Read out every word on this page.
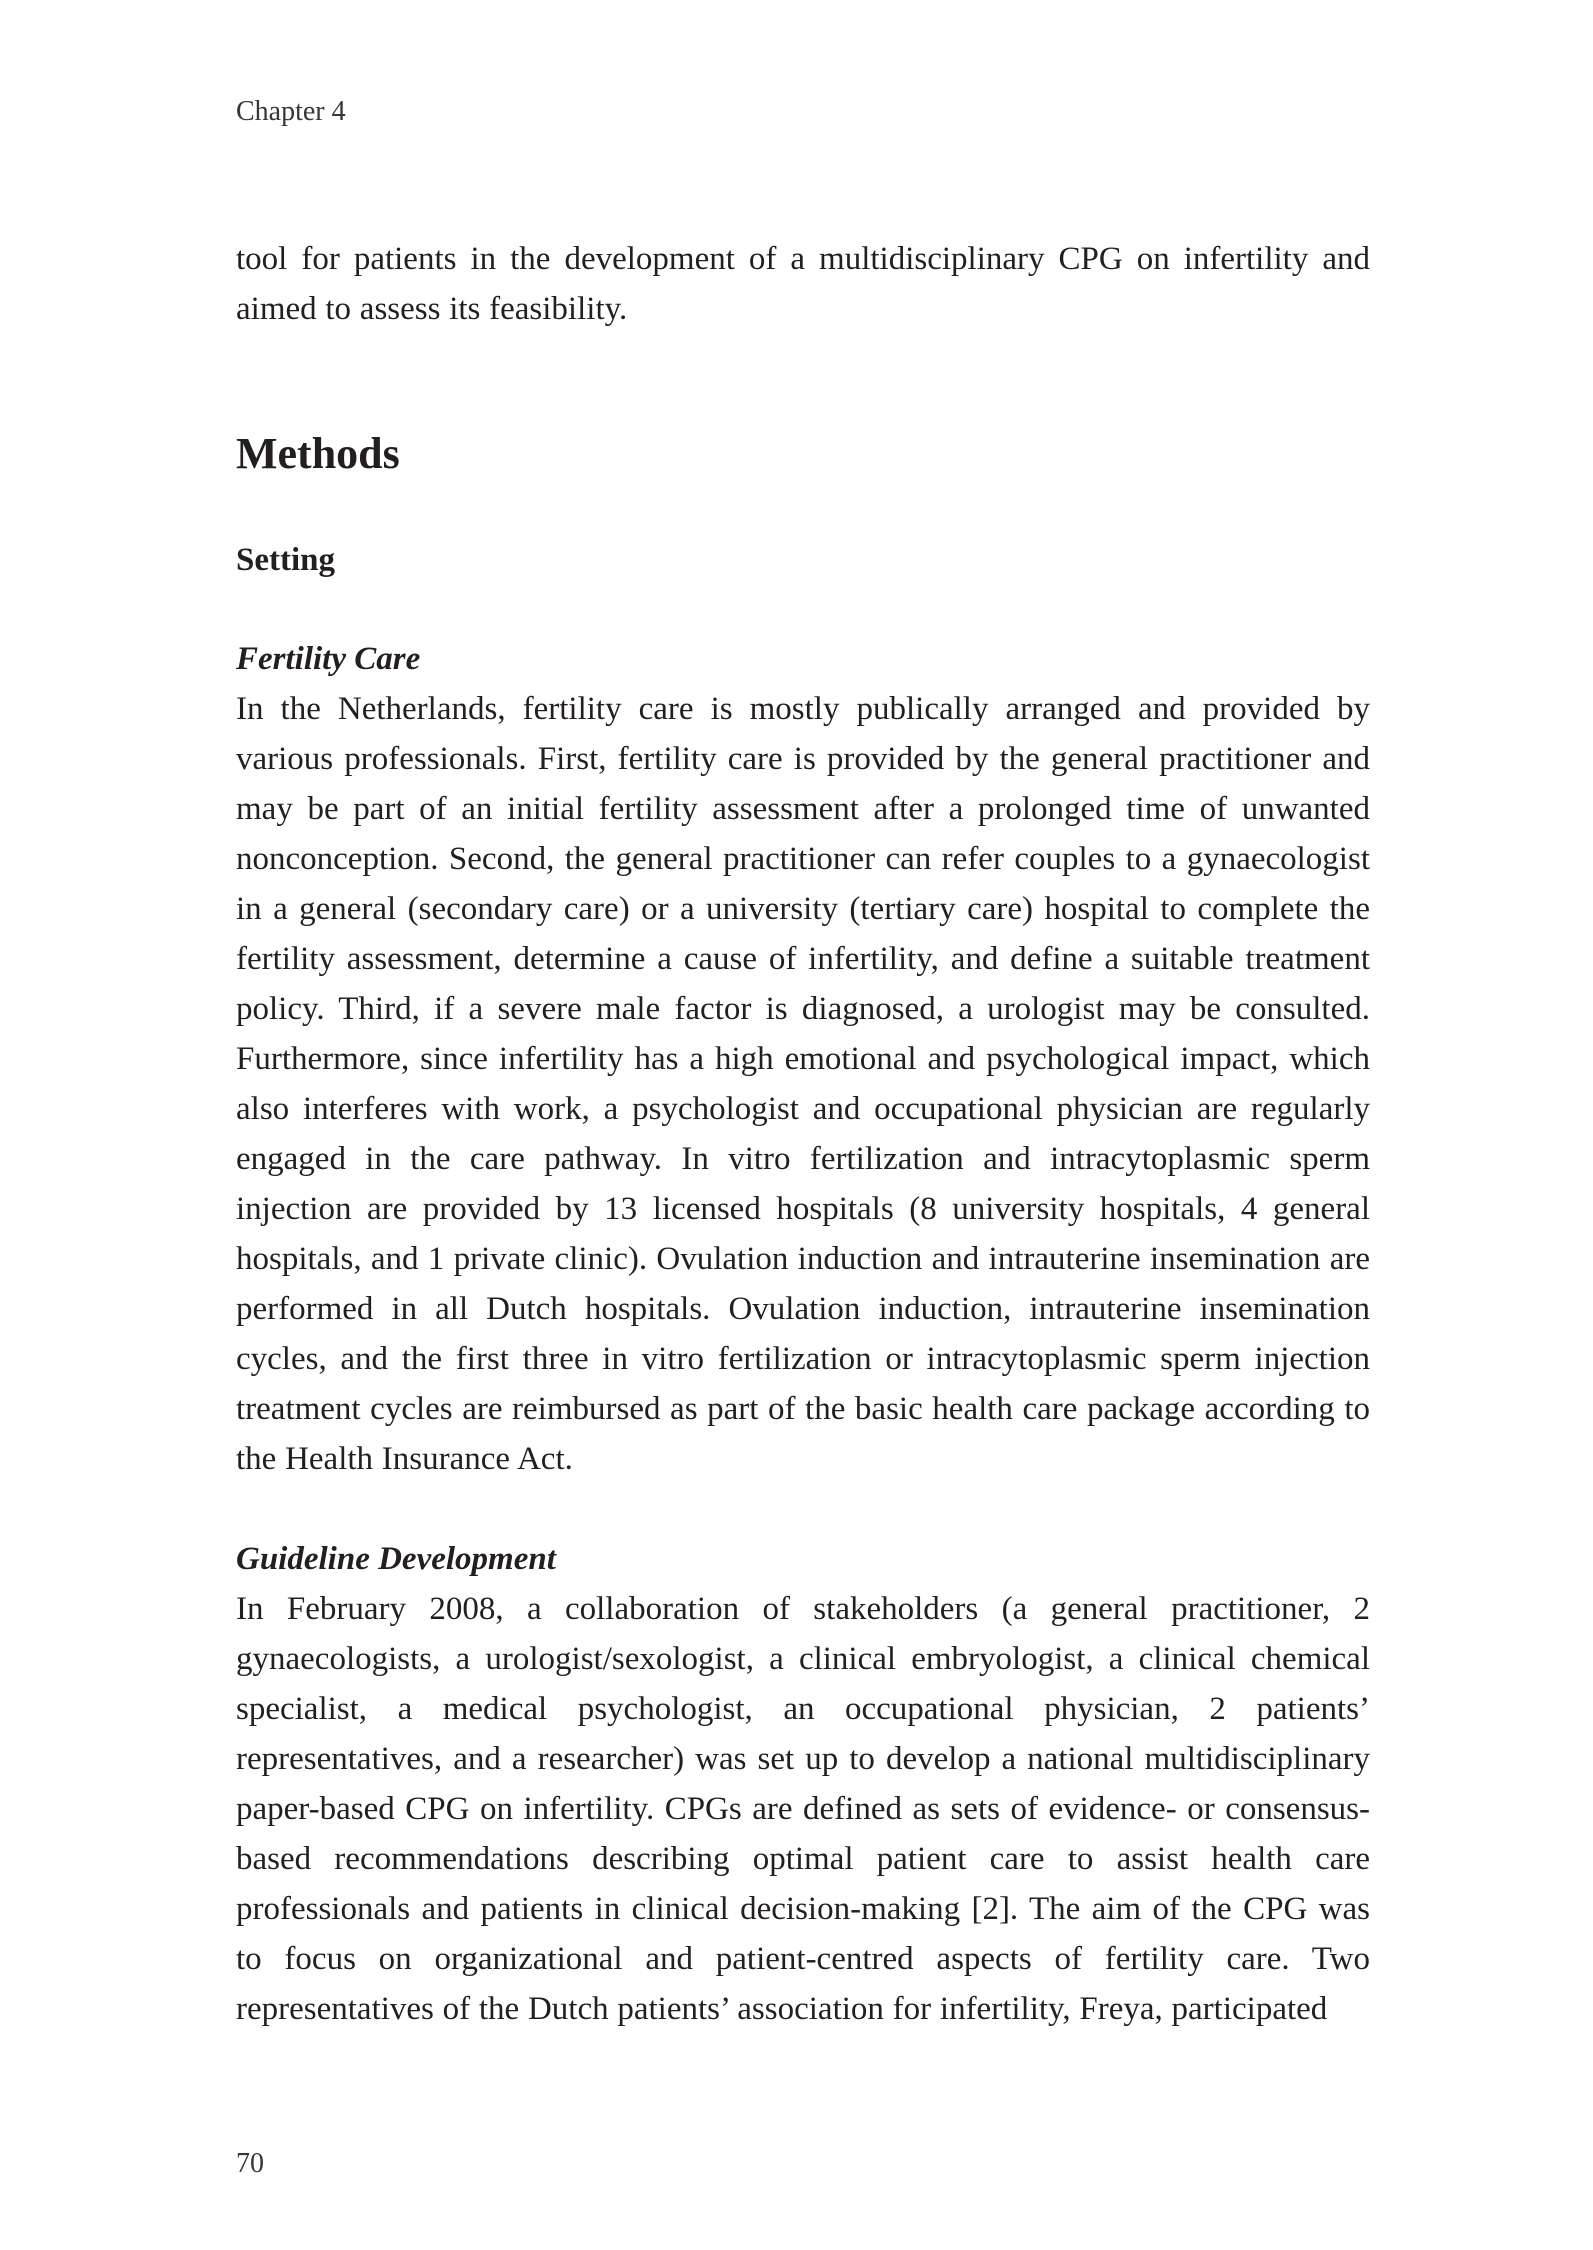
Chapter 4

tool for patients in the development of a multidisciplinary CPG on infertility and aimed to assess its feasibility.

Methods
Setting
Fertility Care

In the Netherlands, fertility care is mostly publically arranged and provided by various professionals. First, fertility care is provided by the general practitioner and may be part of an initial fertility assessment after a prolonged time of unwanted nonconception. Second, the general practitioner can refer couples to a gynaecologist in a general (secondary care) or a university (tertiary care) hospital to complete the fertility assessment, determine a cause of infertility, and define a suitable treatment policy. Third, if a severe male factor is diagnosed, a urologist may be consulted. Furthermore, since infertility has a high emotional and psychological impact, which also interferes with work, a psychologist and occupational physician are regularly engaged in the care pathway. In vitro fertilization and intracytoplasmic sperm injection are provided by 13 licensed hospitals (8 university hospitals, 4 general hospitals, and 1 private clinic). Ovulation induction and intrauterine insemination are performed in all Dutch hospitals. Ovulation induction, intrauterine insemination cycles, and the first three in vitro fertilization or intracytoplasmic sperm injection treatment cycles are reimbursed as part of the basic health care package according to the Health Insurance Act.

Guideline Development

In February 2008, a collaboration of stakeholders (a general practitioner, 2 gynaecologists, a urologist/sexologist, a clinical embryologist, a clinical chemical specialist, a medical psychologist, an occupational physician, 2 patients’ representatives, and a researcher) was set up to develop a national multidisciplinary paper-based CPG on infertility. CPGs are defined as sets of evidence- or consensus-based recommendations describing optimal patient care to assist health care professionals and patients in clinical decision-making [2]. The aim of the CPG was to focus on organizational and patient-centred aspects of fertility care. Two representatives of the Dutch patients’ association for infertility, Freya, participated

70
